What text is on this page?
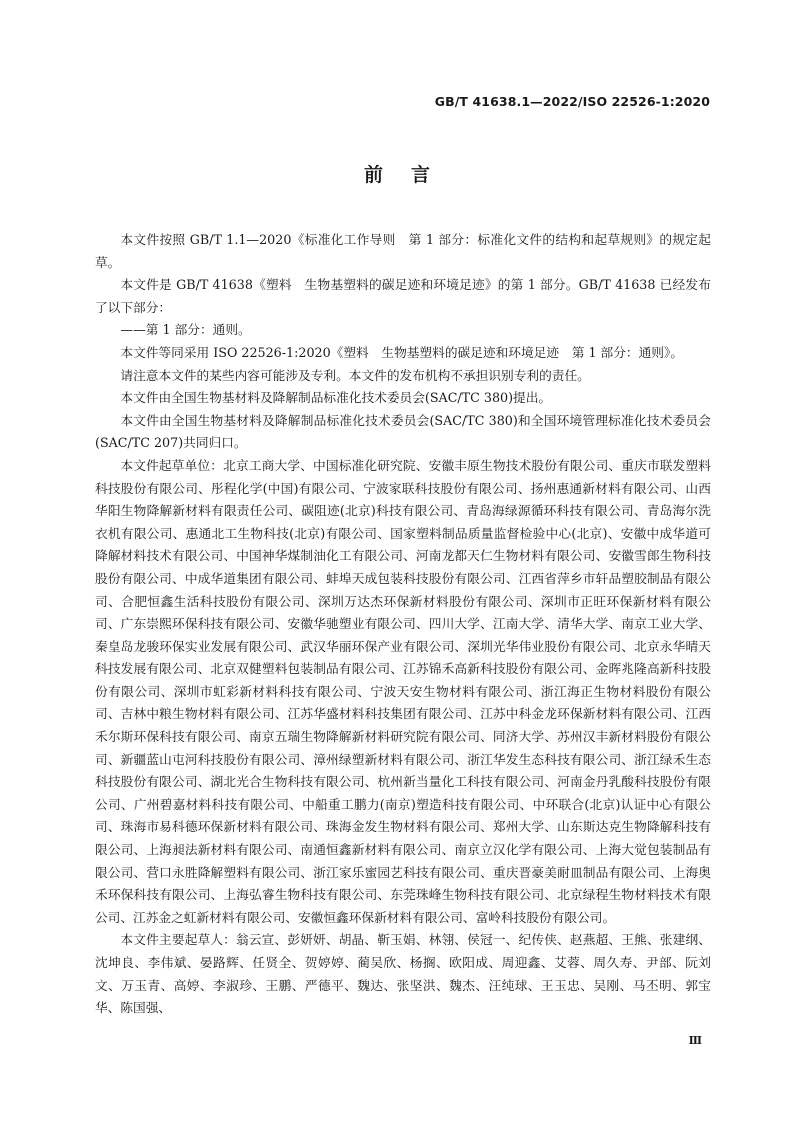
GB/T 41638.1—2022/ISO 22526-1:2020
前言

本文件按照 GB/T 1.1—2020《标准化工作导则　第 1 部分：标准化文件的结构和起草规则》的规定起草。

本文件是 GB/T 41638《塑料　生物基塑料的碳足迹和环境足迹》的第 1 部分。GB/T 41638 已经发布了以下部分：

——第 1 部分：通则。

本文件等同采用 ISO 22526-1:2020《塑料　生物基塑料的碳足迹和环境足迹　第 1 部分：通则》。

请注意本文件的某些内容可能涉及专利。本文件的发布机构不承担识别专利的责任。

本文件由全国生物基材料及降解制品标准化技术委员会(SAC/TC 380)提出。

本文件由全国生物基材料及降解制品标准化技术委员会(SAC/TC 380)和全国环境管理标准化技术委员会(SAC/TC 207)共同归口。

本文件起草单位：北京工商大学、中国标准化研究院、安徽丰原生物技术股份有限公司、重庆市联发塑料科技股份有限公司、彤程化学(中国)有限公司、宁波家联科技股份有限公司、扬州惠通新材料有限公司、山西华阳生物降解新材料有限责任公司、碳阻迹(北京)科技有限公司、青岛海绿源循环科技有限公司、青岛海尔洗衣机有限公司、惠通北工生物科技(北京)有限公司、国家塑料制品质量监督检验中心(北京)、安徽中成华道可降解材料技术有限公司、中国神华煤制油化工有限公司、河南龙都天仁生物材料有限公司、安徽雪郎生物科技股份有限公司、中成华道集团有限公司、蚌埠天成包装科技股份有限公司、江西省萍乡市轩品塑胶制品有限公司、合肥恒鑫生活科技股份有限公司、深圳万达杰环保新材料股份有限公司、深圳市正旺环保新材料有限公司、广东崇熙环保科技有限公司、安徽华驰塑业有限公司、四川大学、江南大学、清华大学、南京工业大学、秦皇岛龙骏环保实业发展有限公司、武汉华丽环保产业有限公司、深圳光华伟业股份有限公司、北京永华晴天科技发展有限公司、北京双健塑料包装制品有限公司、江苏锦禾高新科技股份有限公司、金晖兆隆高新科技股份有限公司、深圳市虹彩新材料科技有限公司、宁波天安生物材料有限公司、浙江海正生物材料股份有限公司、吉林中粮生物材料有限公司、江苏华盛材料科技集团有限公司、江苏中科金龙环保新材料有限公司、江西禾尔斯环保科技有限公司、南京五瑞生物降解新材料研究院有限公司、同济大学、苏州汉丰新材料股份有限公司、新疆蓝山屯河科技股份有限公司、漳州绿塑新材料有限公司、浙江华发生态科技有限公司、浙江绿禾生态科技股份有限公司、湖北光合生物科技有限公司、杭州新当量化工科技有限公司、河南金丹乳酸科技股份有限公司、广州碧嘉材料科技有限公司、中船重工鹏力(南京)塑造科技有限公司、中环联合(北京)认证中心有限公司、珠海市易科德环保新材料有限公司、珠海金发生物材料有限公司、郑州大学、山东斯达克生物降解科技有限公司、上海昶法新材料有限公司、南通恒鑫新材料有限公司、南京立汉化学有限公司、上海大觉包装制品有限公司、营口永胜降解塑料有限公司、浙江家乐蜜园艺科技有限公司、重庆晋豪美耐皿制品有限公司、上海奥禾环保科技有限公司、上海弘睿生物科技有限公司、东莞珠峰生物科技有限公司、北京绿程生物材料技术有限公司、江苏金之虹新材料有限公司、安徽恒鑫环保新材料有限公司、富岭科技股份有限公司。

本文件主要起草人：翁云宣、彭妍妍、胡晶、靳玉娟、林翎、侯冠一、纪传侠、赵燕超、王熊、张建纲、沈坤良、李伟斌、晏路辉、任贤全、贺婷婷、蔺吴欣、杨搁、欧阳成、周迎鑫、艾蓉、周久寿、尹部、阮刘文、万玉青、高婷、李淑珍、王鹏、严德平、魏达、张坚洪、魏杰、汪纯球、王玉忠、吴刚、马丕明、郭宝华、陈国强、

Ⅲ
